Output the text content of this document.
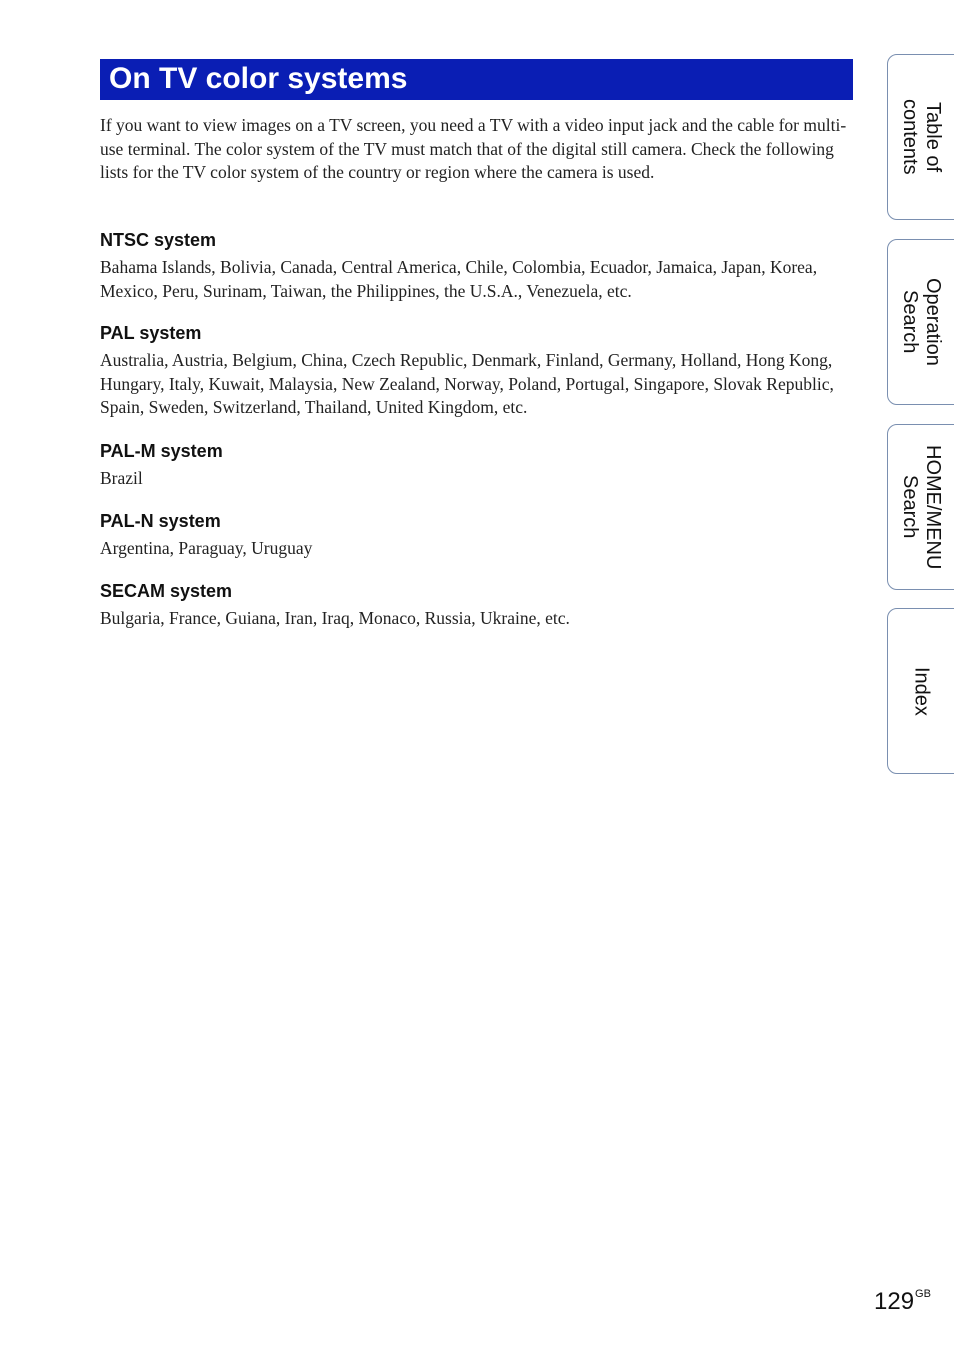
On TV color systems

If you want to view images on a TV screen, you need a TV with a video input jack and the cable for multi-use terminal. The color system of the TV must match that of the digital still camera. Check the following lists for the TV color system of the country or region where the camera is used.

NTSC system

Bahama Islands, Bolivia, Canada, Central America, Chile, Colombia, Ecuador, Jamaica, Japan, Korea, Mexico, Peru, Surinam, Taiwan, the Philippines, the U.S.A., Venezuela, etc.

PAL system

Australia, Austria, Belgium, China, Czech Republic, Denmark, Finland, Germany, Holland, Hong Kong, Hungary, Italy, Kuwait, Malaysia, New Zealand, Norway, Poland, Portugal, Singapore, Slovak Republic, Spain, Sweden, Switzerland, Thailand, United Kingdom, etc.

PAL-M system

Brazil

PAL-N system

Argentina, Paraguay, Uruguay

SECAM system

Bulgaria, France, Guiana, Iran, Iraq, Monaco, Russia, Ukraine, etc.

Table of
contents
Operation
Search
HOME/MENU
Search
Index
$129^{GB}$
